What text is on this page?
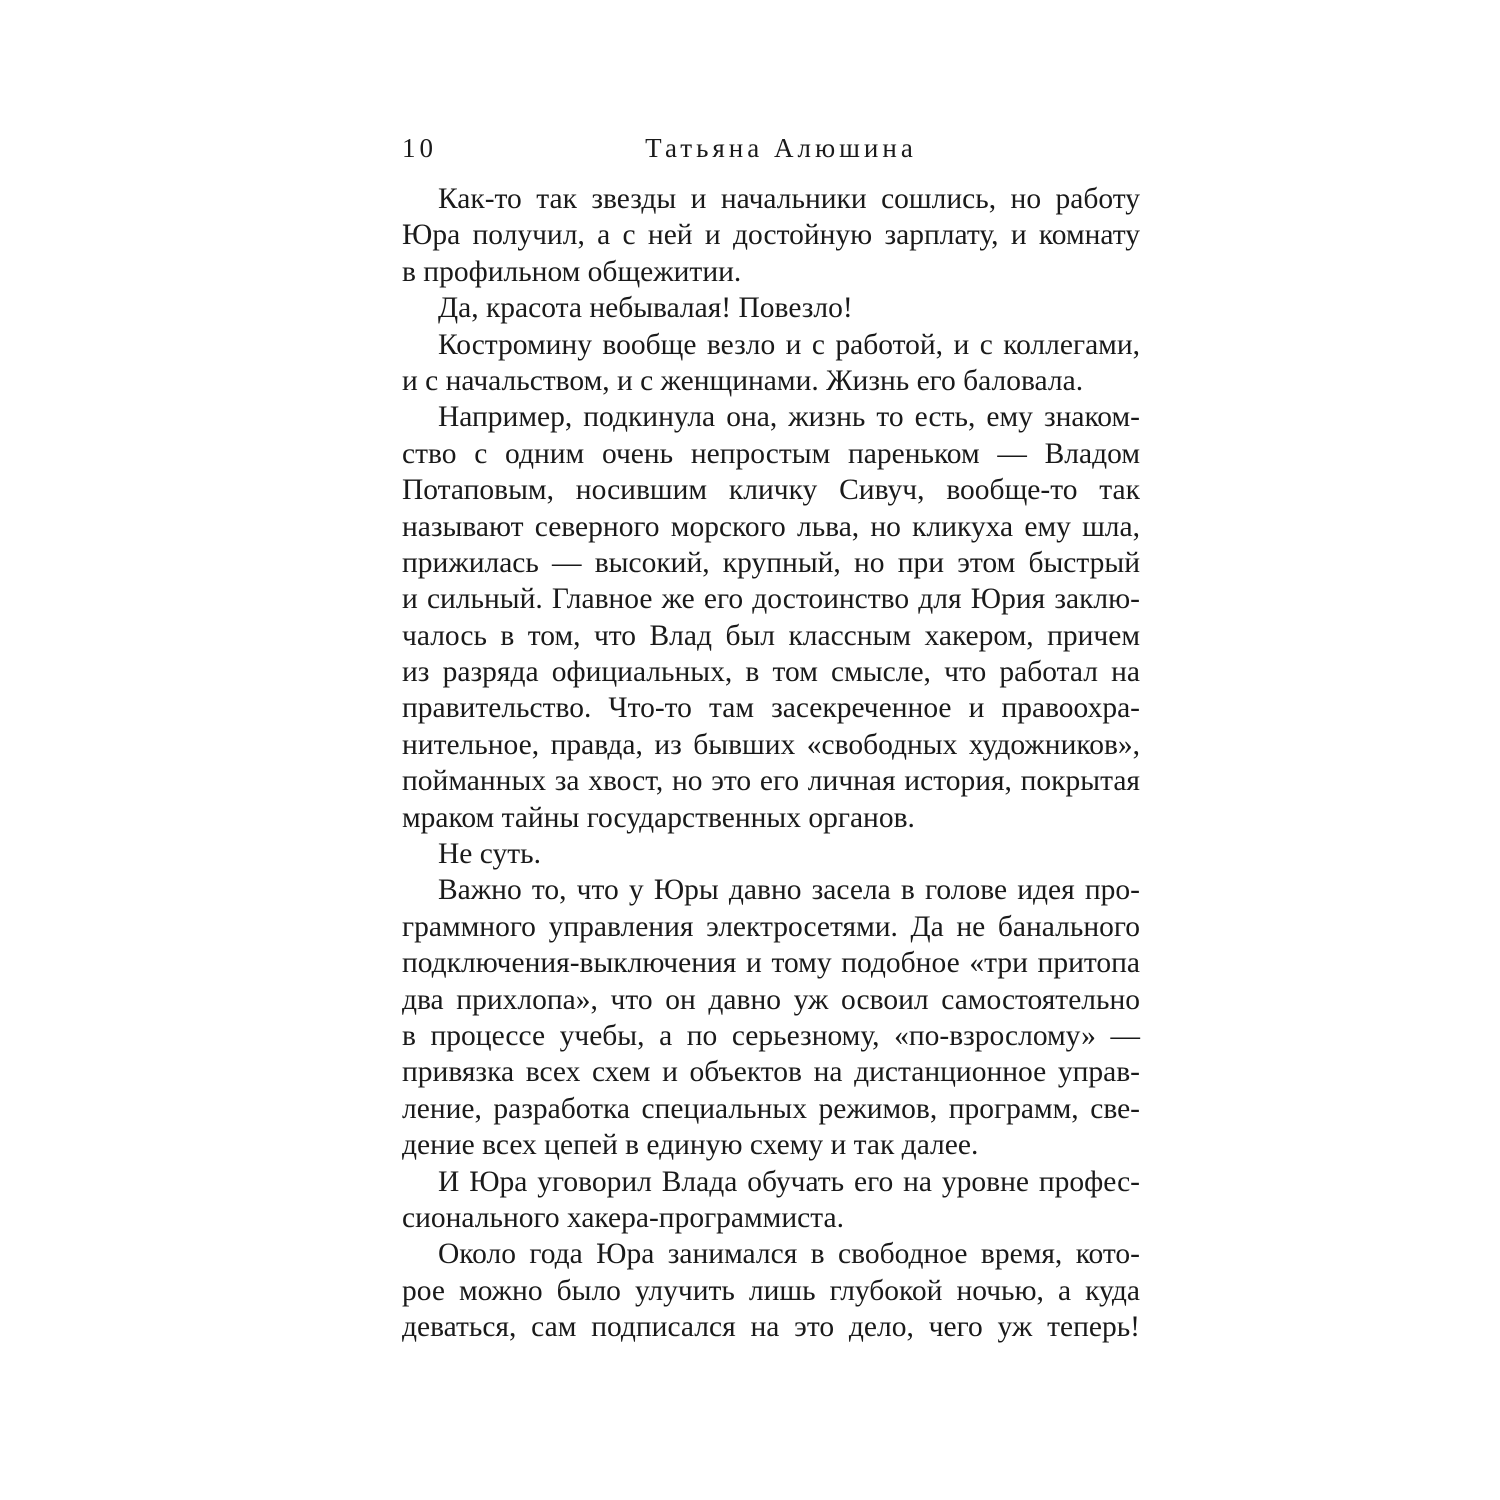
10	Татьяна Алюшина
Как-то так звезды и начальники сошлись, но работу
Юра получил, а с ней и достойную зарплату, и комнату
в профильном общежитии.
Да, красота небывалая! Повезло!
Костромину вообще везло и с работой, и с коллегами,
и с начальством, и с женщинами. Жизнь его баловала.
Например, подкинула она, жизнь то есть, ему знаком-
ство с одним очень непростым пареньком — Владом
Потаповым, носившим кличку Сивуч, вообще-то так
называют северного морского льва, но кликуха ему шла,
прижилась — высокий, крупный, но при этом быстрый
и сильный. Главное же его достоинство для Юрия заклю-
чалось в том, что Влад был классным хакером, причем
из разряда официальных, в том смысле, что работал на
правительство. Что-то там засекреченное и правоохра-
нительное, правда, из бывших «свободных художников»,
пойманных за хвост, но это его личная история, покрытая
мраком тайны государственных органов.
Не суть.
Важно то, что у Юры давно засела в голове идея про-
граммного управления электросетями. Да не банального
подключения-выключения и тому подобное «три притопа
два прихлопа», что он давно уж освоил самостоятельно
в процессе учебы, а по серьезному, «по-взрослому» —
привязка всех схем и объектов на дистанционное управ-
ление, разработка специальных режимов, программ, све-
дение всех цепей в единую схему и так далее.
И Юра уговорил Влада обучать его на уровне профес-
сионального хакера-программиста.
Около года Юра занимался в свободное время, кото-
рое можно было улучить лишь глубокой ночью, а куда
деваться, сам подписался на это дело, чего уж теперь!
